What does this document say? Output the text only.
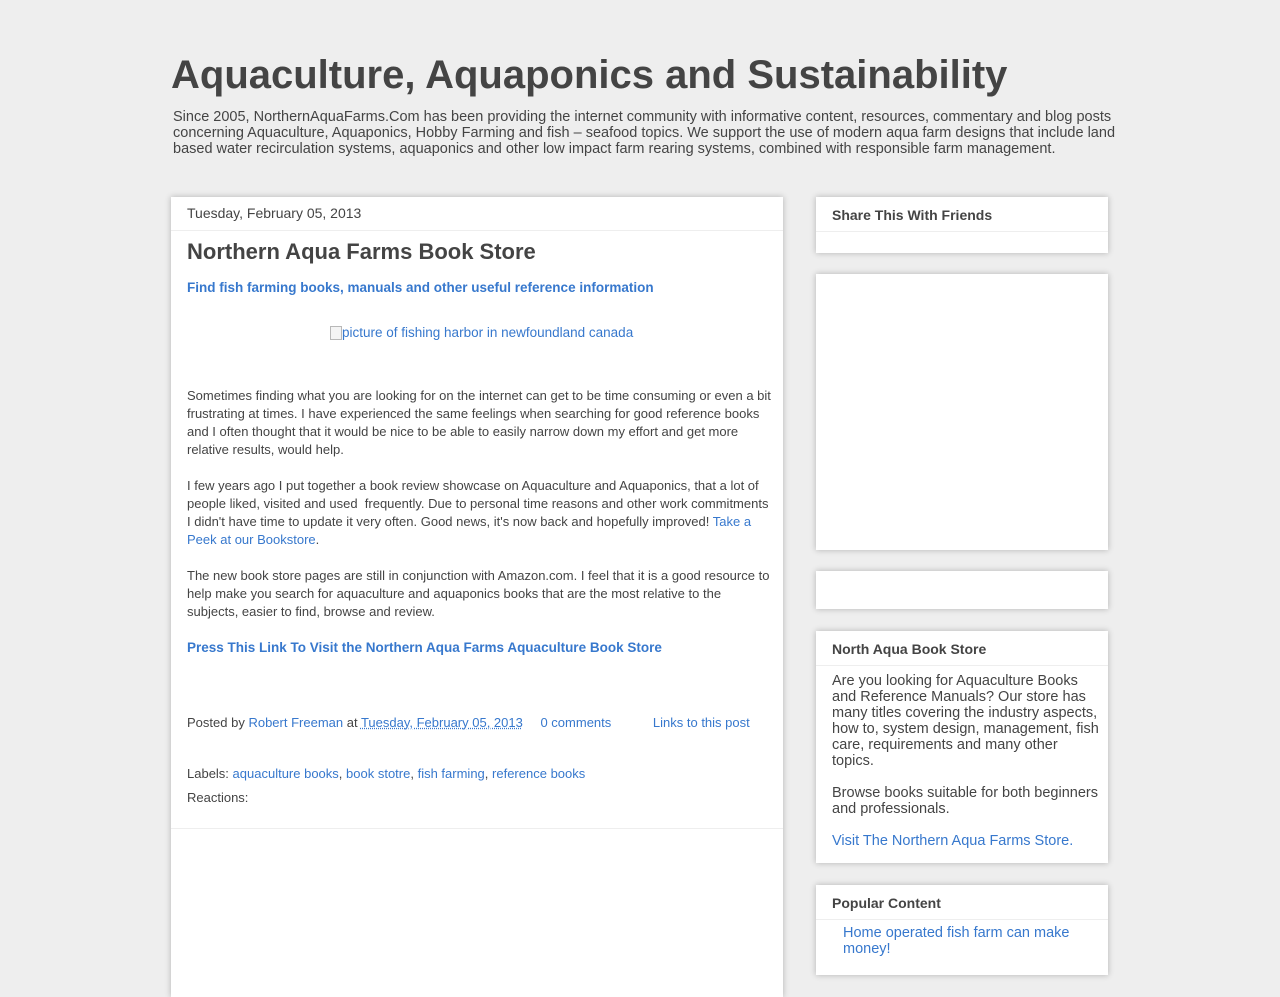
Aquaculture, Aquaponics and Sustainability
Since 2005, NorthernAquaFarms.Com has been providing the internet community with informative content, resources, commentary and blog posts concerning Aquaculture, Aquaponics, Hobby Farming and fish – seafood topics. We support the use of modern aqua farm designs that include land based water recirculation systems, aquaponics and other low impact farm rearing systems, combined with responsible farm management.
Tuesday, February 05, 2013
Northern Aqua Farms Book Store
Find fish farming books, manuals and other useful reference information
picture of fishing harbor in newfoundland canada

Sometimes finding what you are looking for on the internet can get to be time consuming or even a bit frustrating at times. I have experienced the same feelings when searching for good reference books and I often thought that it would be nice to be able to easily narrow down my effort and get more relative results, would help.

I few years ago I put together a book review showcase on Aquaculture and Aquaponics, that a lot of people liked, visited and used  frequently. Due to personal time reasons and other work commitments I didn't have time to update it very often. Good news, it's now back and hopefully improved! Take a Peek at our Bookstore.

The new book store pages are still in conjunction with Amazon.com. I feel that it is a good resource to help make you search for aquaculture and aquaponics books that are the most relative to the subjects, easier to find, browse and review.

Press This Link To Visit the Northern Aqua Farms Aquaculture Book Store
Posted by Robert Freeman at Tuesday, February 05, 2013 0 comments	Links to this post
Labels: aquaculture books, book stotre, fish farming, reference books
Reactions:
Share This With Friends
North Aqua Book Store

Are you looking for Aquaculture Books and Reference Manuals? Our store has many titles covering the industry aspects, how to, system design, management, fish care, requirements and many other topics.

Browse books suitable for both beginners and professionals.

Visit The Northern Aqua Farms Store.
Popular Content
Home operated fish farm can make money!
